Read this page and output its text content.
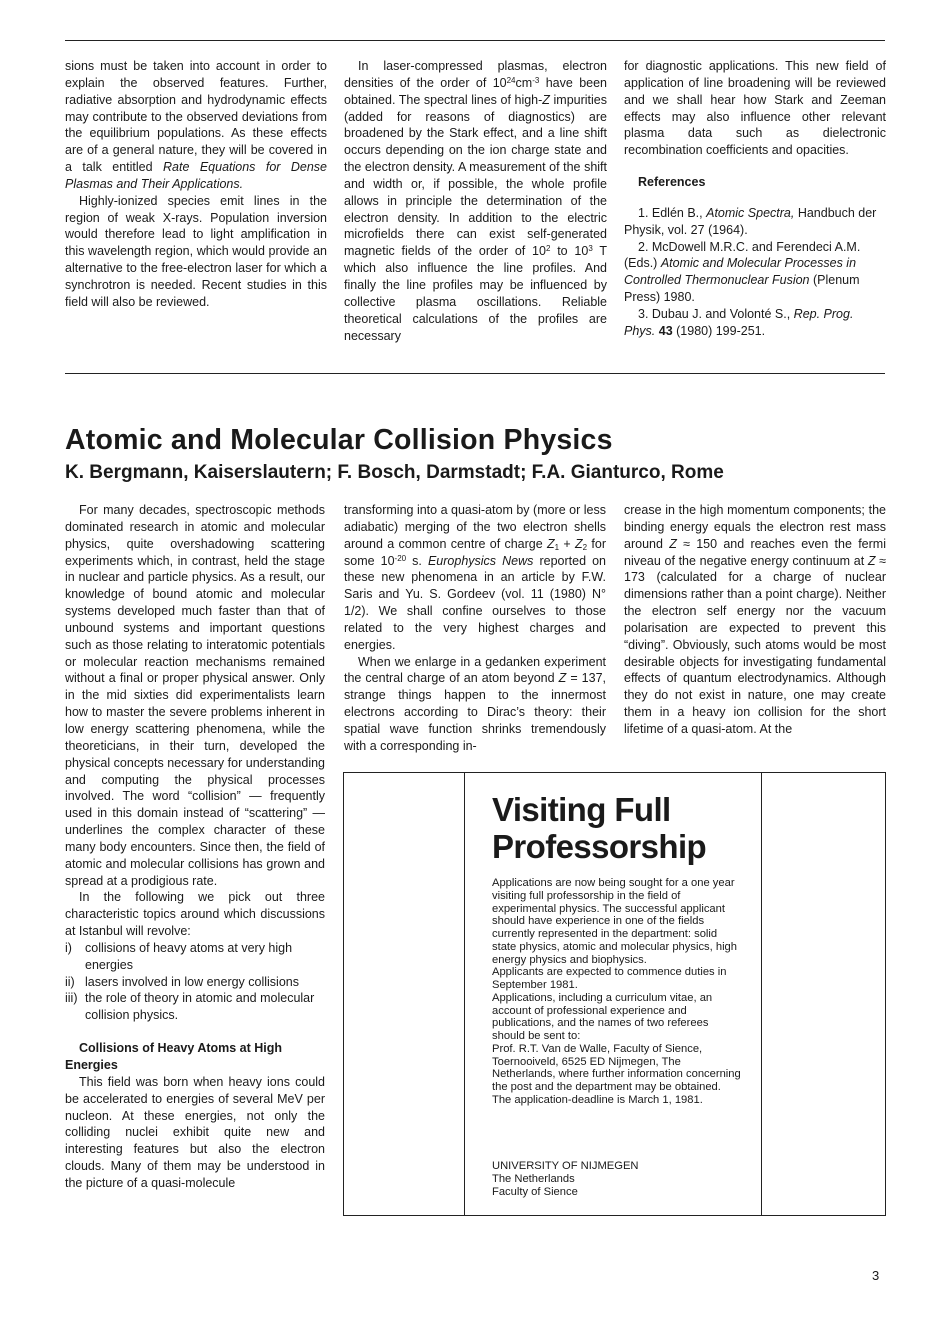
sions must be taken into account in order to explain the observed features. Further, radiative absorption and hydrodynamic effects may contribute to the observed deviations from the equilibrium populations. As these effects are of a general nature, they will be covered in a talk entitled Rate Equations for Dense Plasmas and Their Applications.

Highly-ionized species emit lines in the region of weak X-rays. Population inversion would therefore lead to light amplification in this wavelength region, which would provide an alternative to the free-electron laser for which a synchrotron is needed. Recent studies in this field will also be reviewed.

In laser-compressed plasmas, electron densities of the order of $10^{24}cm^{-3}$ have been obtained. The spectral lines of high-Z impurities (added for reasons of diagnostics) are broadened by the Stark effect, and a line shift occurs depending on the ion charge state and the electron density. A measurement of the shift and width or, if possible, the whole profile allows in principle the determination of the electron density. In addition to the electric microfields there can exist self-generated magnetic fields of the order of $10^2$ to $10^3$ T which also influence the line profiles. And finally the line profiles may be influenced by collective plasma oscillations. Reliable theoretical calculations of the profiles are necessary

for diagnostic applications. This new field of application of line broadening will be reviewed and we shall hear how Stark and Zeeman effects may also influence other relevant plasma data such as dielectronic recombination coefficients and opacities.

References

1. Edlén B., Atomic Spectra, Handbuch der Physik, vol. 27 (1964).

2. McDowell M.R.C. and Ferendeci A.M. (Eds.) Atomic and Molecular Processes in Controlled Thermonuclear Fusion (Plenum Press) 1980.

3. Dubau J. and Volonté S., Rep. Prog. Phys. 43 (1980) 199-251.

Atomic and Molecular Collision Physics
K. Bergmann, Kaiserslautern; F. Bosch, Darmstadt; F.A. Gianturco, Rome

For many decades, spectroscopic methods dominated research in atomic and molecular physics, quite overshadowing scattering experiments which, in contrast, held the stage in nuclear and particle physics. As a result, our knowledge of bound atomic and molecular systems developed much faster than that of unbound systems and important questions such as those relating to interatomic potentials or molecular reaction mechanisms remained without a final or proper physical answer. Only in the mid sixties did experimentalists learn how to master the severe problems inherent in low energy scattering phenomena, while the theoreticians, in their turn, developed the physical concepts necessary for understanding and computing the physical processes involved. The word “collision” — frequently used in this domain instead of “scattering” — underlines the complex character of these many body encounters. Since then, the field of atomic and molecular collisions has grown and spread at a prodigious rate.

In the following we pick out three characteristic topics around which discussions at Istanbul will revolve:

i)	collisions of heavy atoms at very high energies
ii) lasers involved in low energy collisions
iii) the role of theory in atomic and molecular collision physics.

Collisions of Heavy Atoms at High Energies

This field was born when heavy ions could be accelerated to energies of several MeV per nucleon. At these energies, not only the colliding nuclei exhibit quite new and interesting features but also the electron clouds. Many of them may be understood in the picture of a quasi-molecule

transforming into a quasi-atom by (more or less adiabatic) merging of the two electron shells around a common centre of charge $Z_1 + Z_2$ for some $10^{-20}$ s. Europhysics News reported on these new phenomena in an article by F.W. Saris and Yu. S. Gordeev (vol. 11 (1980) N° 1/2). We shall confine ourselves to those related to the very highest charges and energies.

When we enlarge in a gedanken experiment the central charge of an atom beyond Z = 137, strange things happen to the innermost electrons according to Dirac’s theory: their spatial wave function shrinks tremendously with a corresponding in-

crease in the high momentum components; the binding energy equals the electron rest mass around Z ≈ 150 and reaches even the fermi niveau of the negative energy continuum at Z ≈ 173 (calculated for a charge of nuclear dimensions rather than a point charge). Neither the electron self energy nor the vacuum polarisation are expected to prevent this “diving”. Obviously, such atoms would be most desirable objects for investigating fundamental effects of quantum electrodynamics. Although they do not exist in nature, one may create them in a heavy ion collision for the short lifetime of a quasi-atom. At the

Visiting Full Professorship

Applications are now being sought for a one year visiting full professorship in the field of experimental physics. The successful applicant should have experience in one of the fields currently represented in the department: solid state physics, atomic and molecular physics, high energy physics and biophysics.

Applicants are expected to commence duties in September 1981.

Applications, including a curriculum vitae, an account of professional experience and publications, and the names of two referees should be sent to:

Prof. R.T. Van de Walle, Faculty of Sience, Toernooiveld, 6525 ED Nijmegen, The Netherlands, where further information concerning the post and the department may be obtained.

The application-deadline is March 1, 1981.

UNIVERSITY OF NIJMEGEN
The Netherlands
Faculty of Sience
3
